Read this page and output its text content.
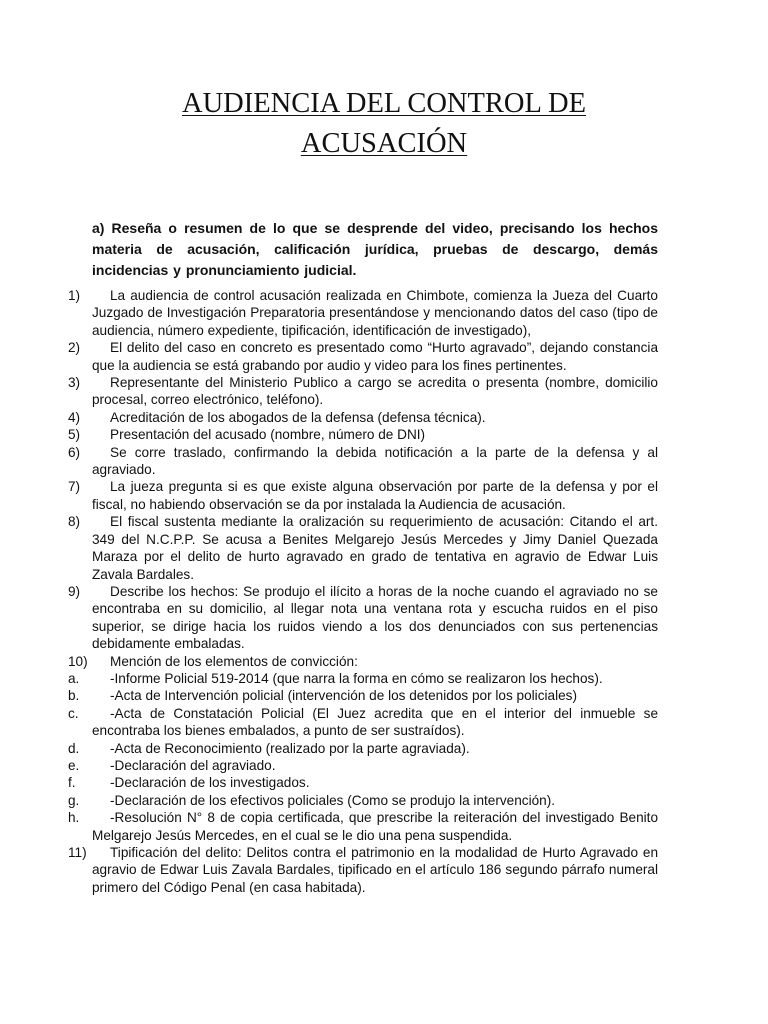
AUDIENCIA DEL CONTROL DE
ACUSACIÓN
a) Reseña o resumen de lo que se desprende del video, precisando los hechos materia de acusación, calificación jurídica, pruebas de descargo, demás incidencias y pronunciamiento judicial.
1)	La audiencia de control acusación realizada en Chimbote, comienza la Jueza del Cuarto Juzgado de Investigación Preparatoria presentándose y mencionando datos del caso (tipo de audiencia, número expediente, tipificación, identificación de investigado),
2)	El delito del caso en concreto es presentado como “Hurto agravado”, dejando constancia que la audiencia se está grabando por audio y video para los fines pertinentes.
3)	Representante del Ministerio Publico a cargo se acredita o presenta (nombre, domicilio procesal, correo electrónico, teléfono).
4)	Acreditación de los abogados de la defensa (defensa técnica).
5)	Presentación del acusado (nombre, número de DNI)
6)	Se corre traslado, confirmando la debida notificación a la parte de la defensa y al agraviado.
7)	La jueza pregunta si es que existe alguna observación por parte de la defensa y por el fiscal, no habiendo observación se da por instalada la Audiencia de acusación.
8)	El fiscal sustenta mediante la oralización su requerimiento de acusación: Citando el art. 349 del N.C.P.P. Se acusa a Benites Melgarejo Jesús Mercedes y Jimy Daniel Quezada Maraza por el delito de hurto agravado en grado de tentativa en agravio de Edwar Luis Zavala Bardales.
9)	Describe los hechos: Se produjo el ilícito a horas de la noche cuando el agraviado no se encontraba en su domicilio, al llegar nota una ventana rota y escucha ruidos en el piso superior, se dirige hacia los ruidos viendo a los dos denunciados con sus pertenencias debidamente embaladas.
10)	Mención de los elementos de convicción:
a.	-Informe Policial 519-2014 (que narra la forma en cómo se realizaron los hechos).
b.	-Acta de Intervención policial (intervención de los detenidos por los policiales)
c.	-Acta de Constatación Policial (El Juez acredita que en el interior del inmueble se encontraba los bienes embalados, a punto de ser sustraídos).
d.	-Acta de Reconocimiento (realizado por la parte agraviada).
e.	-Declaración del agraviado.
f.	-Declaración de los investigados.
g.	-Declaración de los efectivos policiales (Como se produjo la intervención).
h.	-Resolución N° 8 de copia certificada, que prescribe la reiteración del investigado Benito Melgarejo Jesús Mercedes, en el cual se le dio una pena suspendida.
11)	Tipificación del delito: Delitos contra el patrimonio en la modalidad de Hurto Agravado en agravio de Edwar Luis Zavala Bardales, tipificado en el artículo 186 segundo párrafo numeral primero del Código Penal (en casa habitada).
